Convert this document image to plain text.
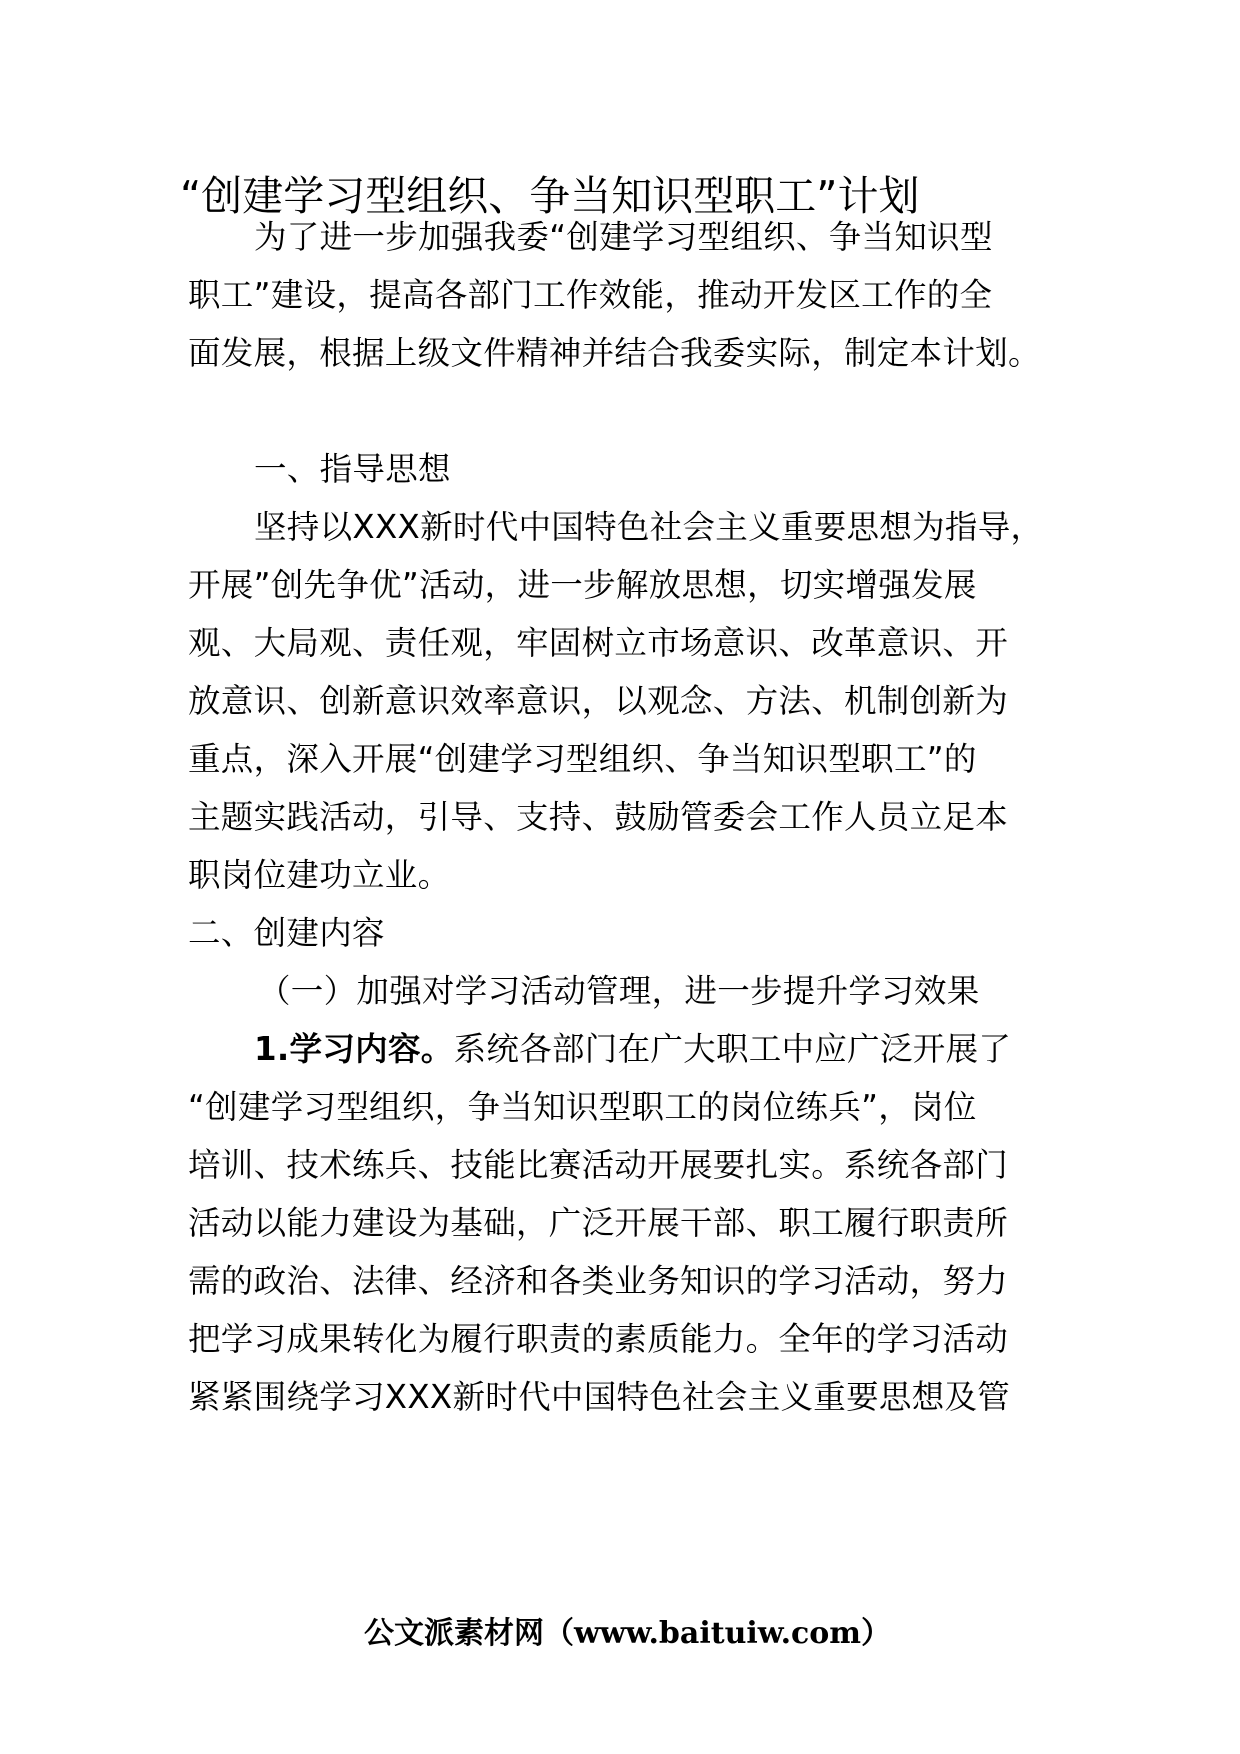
“创建学习型组织、争当知识型职工”计划
为了进一步加强我委“创建学习型组织、争当知识型
职工”建设，提高各部门工作效能，推动开发区工作的全
面发展，根据上级文件精神并结合我委实际，制定本计划。
一、指导思想
坚持以XXX新时代中国特色社会主义重要思想为指导，
开展”创先争优”活动，进一步解放思想，切实增强发展
观、大局观、责任观，牢固树立市场意识、改革意识、开
放意识、创新意识效率意识，以观念、方法、机制创新为
重点，深入开展“创建学习型组织、争当知识型职工”的
主题实践活动，引导、支持、鼓励管委会工作人员立足本
职岗位建功立业。
二、创建内容
（一）加强对学习活动管理，进一步提升学习效果
1.学习内容。系统各部门在广大职工中应广泛开展了
“创建学习型组织，争当知识型职工的岗位练兵”，岗位
培训、技术练兵、技能比赛活动开展要扎实。系统各部门
活动以能力建设为基础，广泛开展干部、职工履行职责所
需的政治、法律、经济和各类业务知识的学习活动，努力
把学习成果转化为履行职责的素质能力。全年的学习活动
紧紧围绕学习XXX新时代中国特色社会主义重要思想及管
公文派素材网（www.baituiw.com）
